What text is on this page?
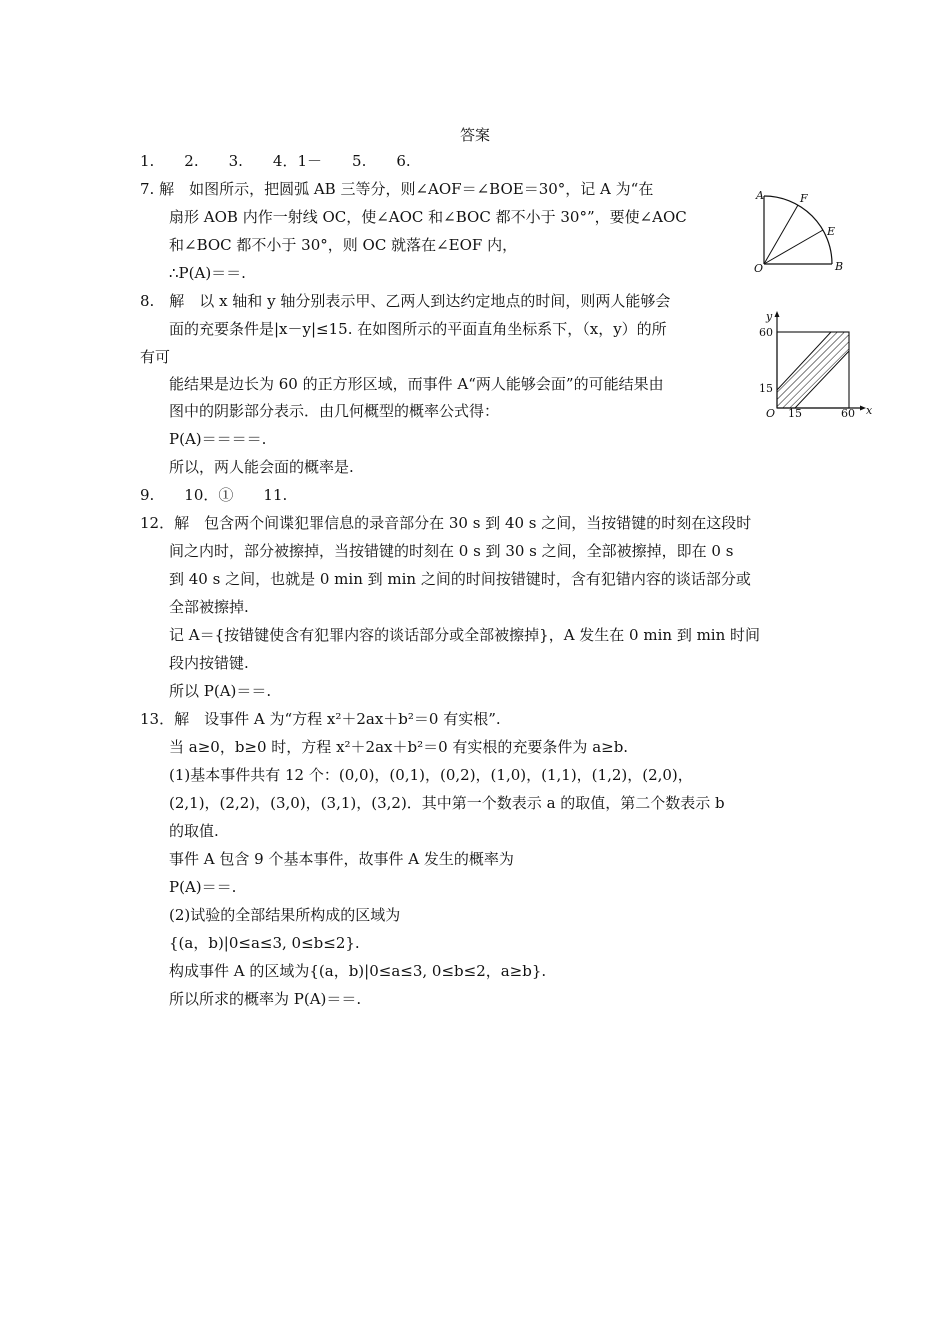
答案
1.　　2.　　3.　　4．1－　　5.　　6.
7. 解　如图所示，把圆弧 AB 三等分，则∠AOF＝∠BOE＝30°，记 A 为“在
扇形 AOB 内作一射线 OC，使∠AOC 和∠BOC 都不小于 30°”，要使∠AOC
和∠BOC 都不小于 30°，则 OC 就落在∠EOF 内，
∴P(A)＝＝.
8.　解　以 x 轴和 y 轴分别表示甲、乙两人到达约定地点的时间，则两人能够会
面的充要条件是|x－y|≤15. 在如图所示的平面直角坐标系下，（x，y）的所
有可
能结果是边长为 60 的正方形区域，而事件 A“两人能够会面”的可能结果由
图中的阴影部分表示．由几何概型的概率公式得：
P(A)＝＝＝＝.
所以，两人能会面的概率是.
9.　　10．①　　11.
12．解　包含两个间谍犯罪信息的录音部分在 30 s 到 40 s 之间，当按错键的时刻在这段时
间之内时，部分被擦掉，当按错键的时刻在 0 s 到 30 s 之间，全部被擦掉，即在 0 s
到 40 s 之间，也就是 0 min 到 min 之间的时间按错键时，含有犯错内容的谈话部分或
全部被擦掉.
记 A＝{按错键使含有犯罪内容的谈话部分或全部被擦掉}，A 发生在 0 min 到 min 时间
段内按错键.
所以 P(A)＝＝.
13．解　设事件 A 为“方程 x²＋2ax＋b²＝0 有实根”.
当 a≥0，b≥0 时，方程 x²＋2ax＋b²＝0 有实根的充要条件为 a≥b.
(1)基本事件共有 12 个：(0,0)，(0,1)，(0,2)，(1,0)，(1,1)，(1,2)，(2,0)，
(2,1)，(2,2)，(3,0)，(3,1)，(3,2)．其中第一个数表示 a 的取值，第二个数表示 b
的取值.
事件 A 包含 9 个基本事件，故事件 A 发生的概率为
P(A)＝＝.
(2)试验的全部结果所构成的区域为
{(a，b)|0≤a≤3, 0≤b≤2}.
构成事件 A 的区域为{(a，b)|0≤a≤3, 0≤b≤2，a≥b}.
所以所求的概率为 P(A)＝＝.
A	F
E
O	B
y
x
O
60
15
15	60
